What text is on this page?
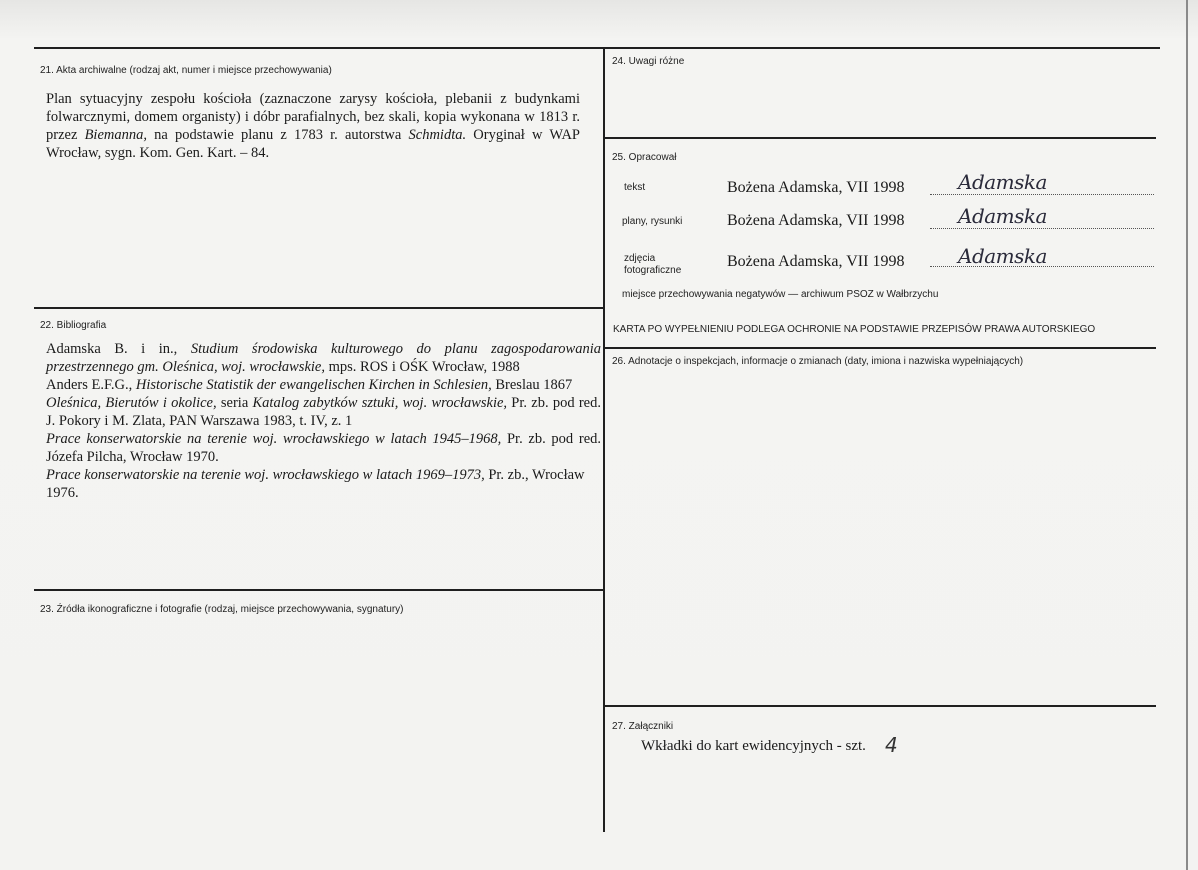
21. Akta archiwalne (rodzaj akt, numer i miejsce przechowywania)
Plan sytuacyjny zespołu kościoła (zaznaczone zarysy kościoła, plebanii z budynkami folwarcznymi, domem organisty) i dóbr parafialnych, bez skali, kopia wykonana w 1813 r. przez Biemanna, na podstawie planu z 1783 r. autorstwa Schmidta. Oryginał w WAP Wrocław, sygn. Kom. Gen. Kart. – 84.
22. Bibliografia
Adamska B. i in., Studium środowiska kulturowego do planu zagospodarowania przestrzennego gm. Oleśnica, woj. wrocławskie, mps. ROS i OŚK Wrocław, 1988
Anders E.F.G., Historische Statistik der ewangelischen Kirchen in Schlesien, Breslau 1867
Oleśnica, Bierutów i okolice, seria Katalog zabytków sztuki, woj. wrocławskie, Pr. zb. pod red. J. Pokory i M. Zlata, PAN Warszawa 1983, t. IV, z. 1
Prace konserwatorskie na terenie woj. wrocławskiego w latach 1945–1968, Pr. zb. pod red. Józefa Pilcha, Wrocław 1970.
Prace konserwatorskie na terenie woj. wrocławskiego w latach 1969–1973, Pr. zb., Wrocław 1976.
23. Źródła ikonograficzne i fotografie (rodzaj, miejsce przechowywania, sygnatury)
24. Uwagi różne
25. Opracował
tekst	Bożena Adamska, VII 1998	Adamska
plany, rysunki	Bożena Adamska, VII 1998	Adamska
zdjęcia
fotograficzne
Bożena Adamska, VII 1998	Adamska
miejsce przechowywania negatywów — archiwum PSOZ w Wałbrzychu
KARTA PO WYPEŁNIENIU PODLEGA OCHRONIE NA PODSTAWIE PRZEPISÓW PRAWA AUTORSKIEGO
26. Adnotacje o inspekcjach, informacje o zmianach (daty, imiona i nazwiska wypełniających)
27. Załączniki
Wkładki do kart ewidencyjnych - szt. 4
